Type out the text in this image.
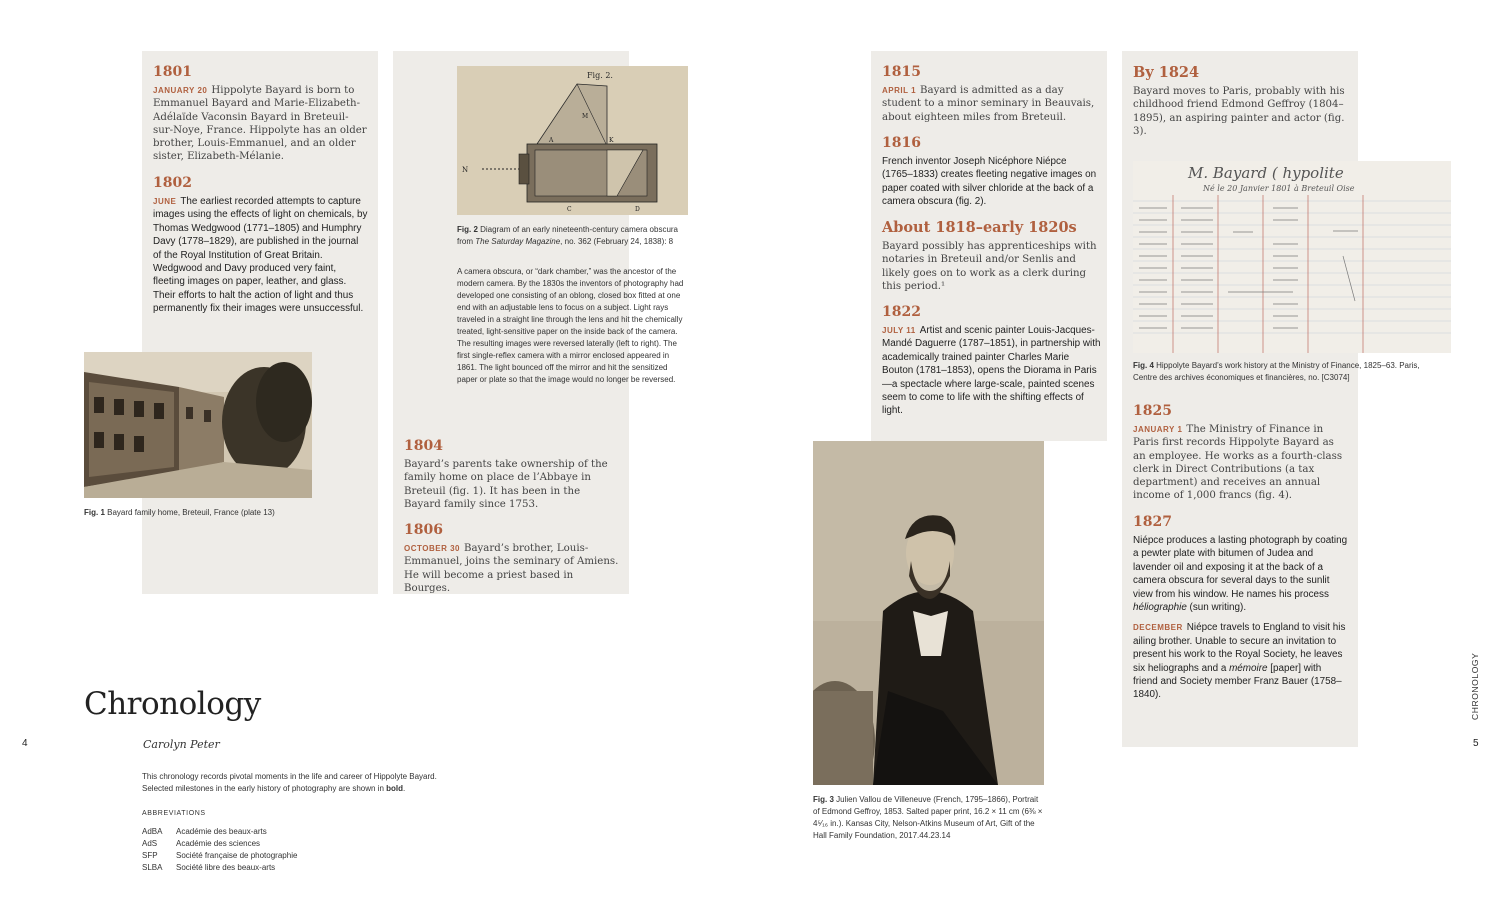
1801
JANUARY 20 Hippolyte Bayard is born to Emmanuel Bayard and Marie-Elizabeth-Adélaïde Vaconsin Bayard in Breteuil-sur-Noye, France. Hippolyte has an older brother, Louis-Emmanuel, and an older sister, Elizabeth-Mélanie.
1802
JUNE The earliest recorded attempts to capture images using the effects of light on chemicals, by Thomas Wedgwood (1771–1805) and Humphry Davy (1778–1829), are published in the journal of the Royal Institution of Great Britain. Wedgwood and Davy produced very faint, fleeting images on paper, leather, and glass. Their efforts to halt the action of light and thus permanently fix their images were unsuccessful.
Fig. 1 Bayard family home, Breteuil, France (plate 13)
Fig. 2.
N
A	K
M
C	D
Fig. 2 Diagram of an early nineteenth-century camera obscura from The Saturday Magazine, no. 362 (February 24, 1838): 8
A camera obscura, or “dark chamber,” was the ancestor of the modern camera. By the 1830s the inventors of photography had developed one consisting of an oblong, closed box fitted at one end with an adjustable lens to focus on a subject. Light rays traveled in a straight line through the lens and hit the chemically treated, light-sensitive paper on the inside back of the camera. The resulting images were reversed laterally (left to right). The first single-reflex camera with a mirror enclosed appeared in 1861. The light bounced off the mirror and hit the sensitized paper or plate so that the image would no longer be reversed.
1804
Bayard’s parents take ownership of the family home on place de l’Abbaye in Breteuil (fig. 1). It has been in the Bayard family since 1753.
1806
OCTOBER 30 Bayard’s brother, Louis-Emmanuel, joins the seminary of Amiens. He will become a priest based in Bourges.
Chronology
Carolyn Peter
This chronology records pivotal moments in the life and career of Hippolyte Bayard.
Selected milestones in the early history of photography are shown in bold.
ABBREVIATIONS
AdBA	Académie des beaux-arts
AdS	Académie des sciences
SFP	Société française de photographie
SLBA	Société libre des beaux-arts
4	5
CHRONOLOGY
1815
APRIL 1 Bayard is admitted as a day student to a minor seminary in Beauvais, about eighteen miles from Breteuil.
1816
French inventor Joseph Nicéphore Niépce (1765–1833) creates fleeting negative images on paper coated with silver chloride at the back of a camera obscura (fig. 2).
About 1818–early 1820s
Bayard possibly has apprenticeships with notaries in Breteuil and/or Senlis and likely goes on to work as a clerk during this period.¹
1822
JULY 11 Artist and scenic painter Louis-Jacques-Mandé Daguerre (1787–1851), in partnership with academically trained painter Charles Marie Bouton (1781–1853), opens the Diorama in Paris—a spectacle where large-scale, painted scenes seem to come to life with the shifting effects of light.
Fig. 3 Julien Vallou de Villeneuve (French, 1795–1866), Portrait of Edmond Geffroy, 1853. Salted paper print, 16.2 × 11 cm (6⅜ × 4⁵⁄₁₆ in.). Kansas City, Nelson-Atkins Museum of Art, Gift of the Hall Family Foundation, 2017.44.23.14
By 1824
Bayard moves to Paris, probably with his childhood friend Edmond Geffroy (1804–1895), an aspiring painter and actor (fig. 3).
M. Bayard ( hypolite
Né le 20 Janvier 1801 à Breteuil Oise
Fig. 4 Hippolyte Bayard’s work history at the Ministry of Finance, 1825–63. Paris, Centre des archives économiques et financières, no. [C3074]
1825
JANUARY 1 The Ministry of Finance in Paris first records Hippolyte Bayard as an employee. He works as a fourth-class clerk in Direct Contributions (a tax department) and receives an annual income of 1,000 francs (fig. 4).
1827
Niépce produces a lasting photograph by coating a pewter plate with bitumen of Judea and lavender oil and exposing it at the back of a camera obscura for several days to the sunlit view from his window. He names his process héliographie (sun writing).
DECEMBER Niépce travels to England to visit his ailing brother. Unable to secure an invitation to present his work to the Royal Society, he leaves six heliographs and a mémoire [paper] with friend and Society member Franz Bauer (1758–1840).
